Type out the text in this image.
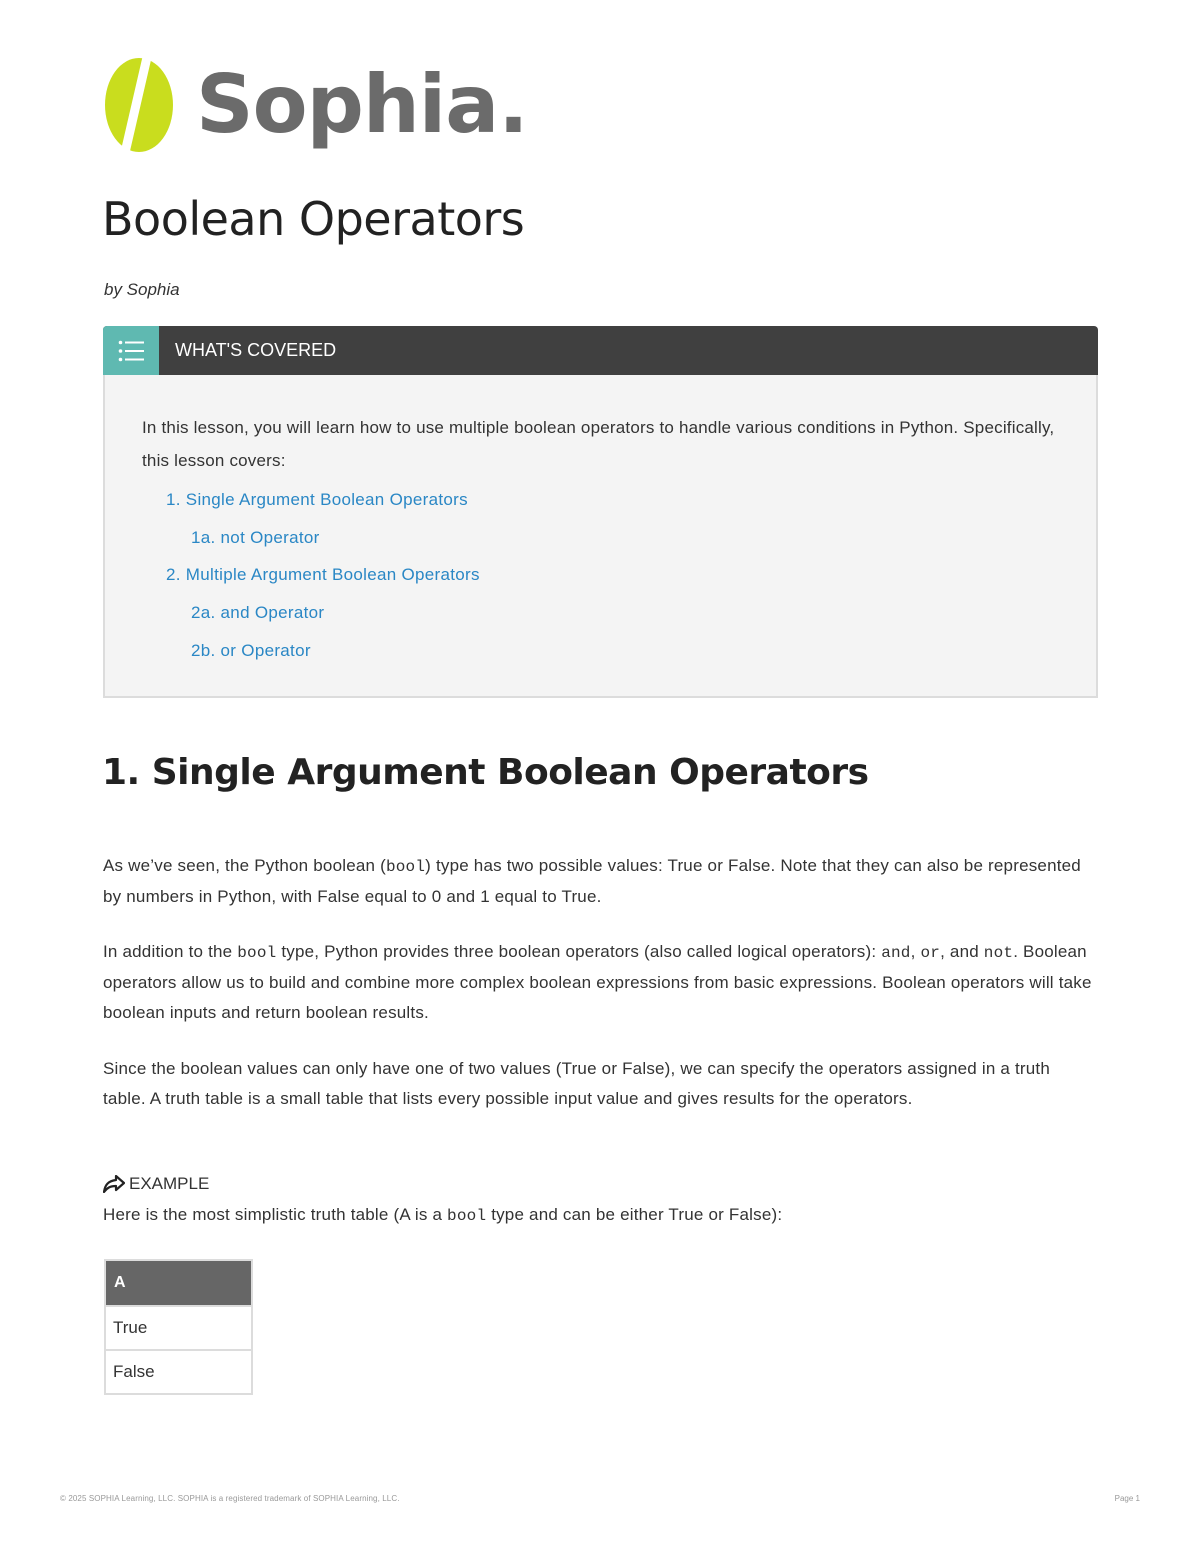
Sophia.
Boolean Operators
by Sophia
WHAT'S COVERED
In this lesson, you will learn how to use multiple boolean operators to handle various conditions in Python. Specifically, this lesson covers:
1. Single Argument Boolean Operators
1a. not Operator
2. Multiple Argument Boolean Operators
2a. and Operator
2b. or Operator
1. Single Argument Boolean Operators

As we’ve seen, the Python boolean (bool) type has two possible values: True or False. Note that they can also be represented by numbers in Python, with False equal to 0 and 1 equal to True.

In addition to the bool type, Python provides three boolean operators (also called logical operators): and, or, and not. Boolean operators allow us to build and combine more complex boolean expressions from basic expressions. Boolean operators will take boolean inputs and return boolean results.

Since the boolean values can only have one of two values (True or False), we can specify the operators assigned in a truth table. A truth table is a small table that lists every possible input value and gives results for the operators.

EXAMPLE
Here is the most simplistic truth table (A is a bool type and can be either True or False):
A
True
False
© 2025 SOPHIA Learning, LLC. SOPHIA is a registered trademark of SOPHIA Learning, LLC.	Page 1
